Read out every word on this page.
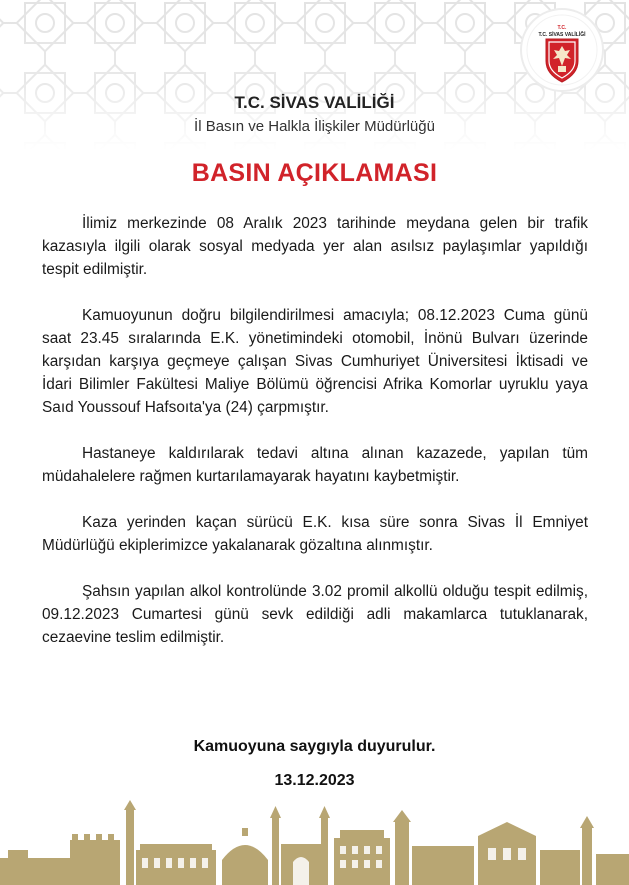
T.C.
T.C. SİVAS VALİLİĞİ
T.C. SİVAS VALİLİĞİ
İl Basın ve Halkla İlişkiler Müdürlüğü
BASIN AÇIKLAMASI

İlimiz merkezinde 08 Aralık 2023 tarihinde meydana gelen bir trafik kazasıyla ilgili olarak sosyal medyada yer alan asılsız paylaşımlar yapıldığı tespit edilmiştir.

Kamuoyunun doğru bilgilendirilmesi amacıyla; 08.12.2023 Cuma günü saat 23.45 sıralarında E.K. yönetimindeki otomobil, İnönü Bulvarı üzerinde karşıdan karşıya geçmeye çalışan Sivas Cumhuriyet Üniversitesi İktisadi ve İdari Bilimler Fakültesi Maliye Bölümü öğrencisi Afrika Komorlar uyruklu yaya Saıd Youssouf Hafsoıta'ya (24) çarpmıştır.

Hastaneye kaldırılarak tedavi altına alınan kazazede, yapılan tüm müdahalelere rağmen kurtarılamayarak hayatını kaybetmiştir.

Kaza yerinden kaçan sürücü E.K. kısa süre sonra Sivas İl Emniyet Müdürlüğü ekiplerimizce yakalanarak gözaltına alınmıştır.

Şahsın yapılan alkol kontrolünde 3.02 promil alkollü olduğu tespit edilmiş, 09.12.2023 Cumartesi günü sevk edildiği adli makamlarca tutuklanarak, cezaevine teslim edilmiştir.

Kamuoyuna saygıyla duyurulur.
13.12.2023
